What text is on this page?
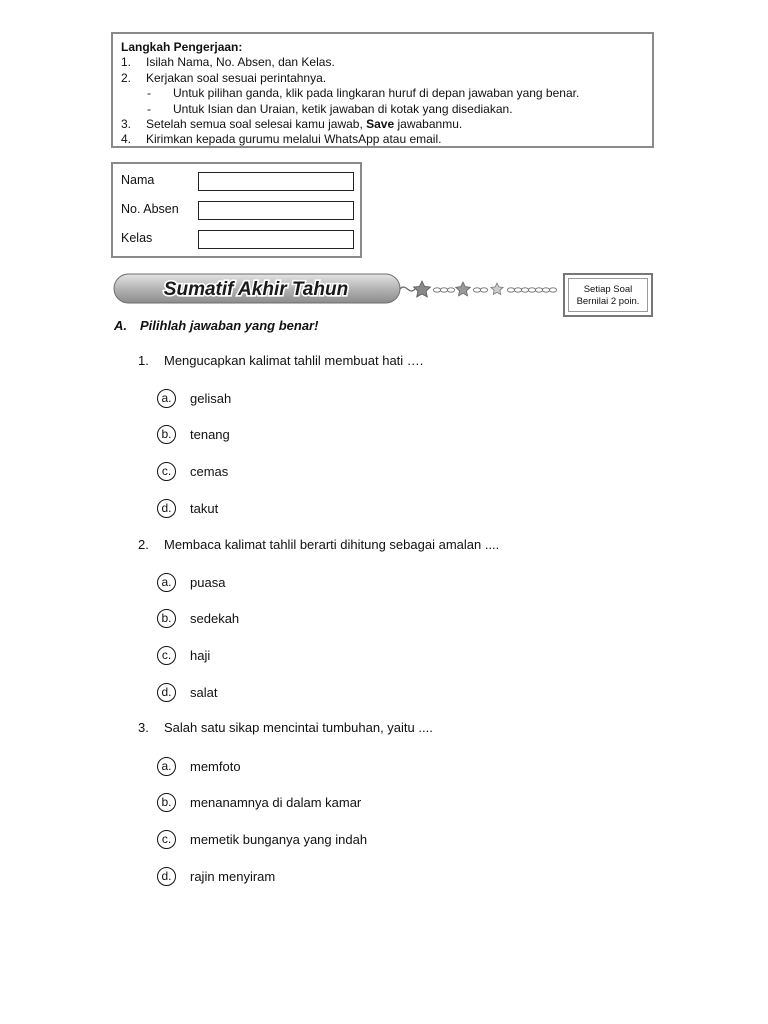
Langkah Pengerjaan:
1.	Isilah Nama, No. Absen, dan Kelas.
2.	Kerjakan soal sesuai perintahnya.
-	Untuk pilihan ganda, klik pada lingkaran huruf di depan jawaban yang benar.
-	Untuk Isian dan Uraian, ketik jawaban di kotak yang disediakan.
3.	Setelah semua soal selesai kamu jawab, Save jawabanmu.
4.	Kirimkan kepada gurumu melalui WhatsApp atau email.
Nama
No. Absen
Kelas
Sumatif Akhir Tahun	Setiap Soal
Bernilai 2 poin.
A. Pilihlah jawaban yang benar!
1. Mengucapkan kalimat tahlil membuat hati ….
a.	gelisah
b.	tenang
c.	cemas
d.	takut
2. Membaca kalimat tahlil berarti dihitung sebagai amalan ....
a.	puasa
b.	sedekah
c.	haji
d.	salat
3. Salah satu sikap mencintai tumbuhan, yaitu ....
a.	memfoto
b.	menanamnya di dalam kamar
c.	memetik bunganya yang indah
d.	rajin menyiram
